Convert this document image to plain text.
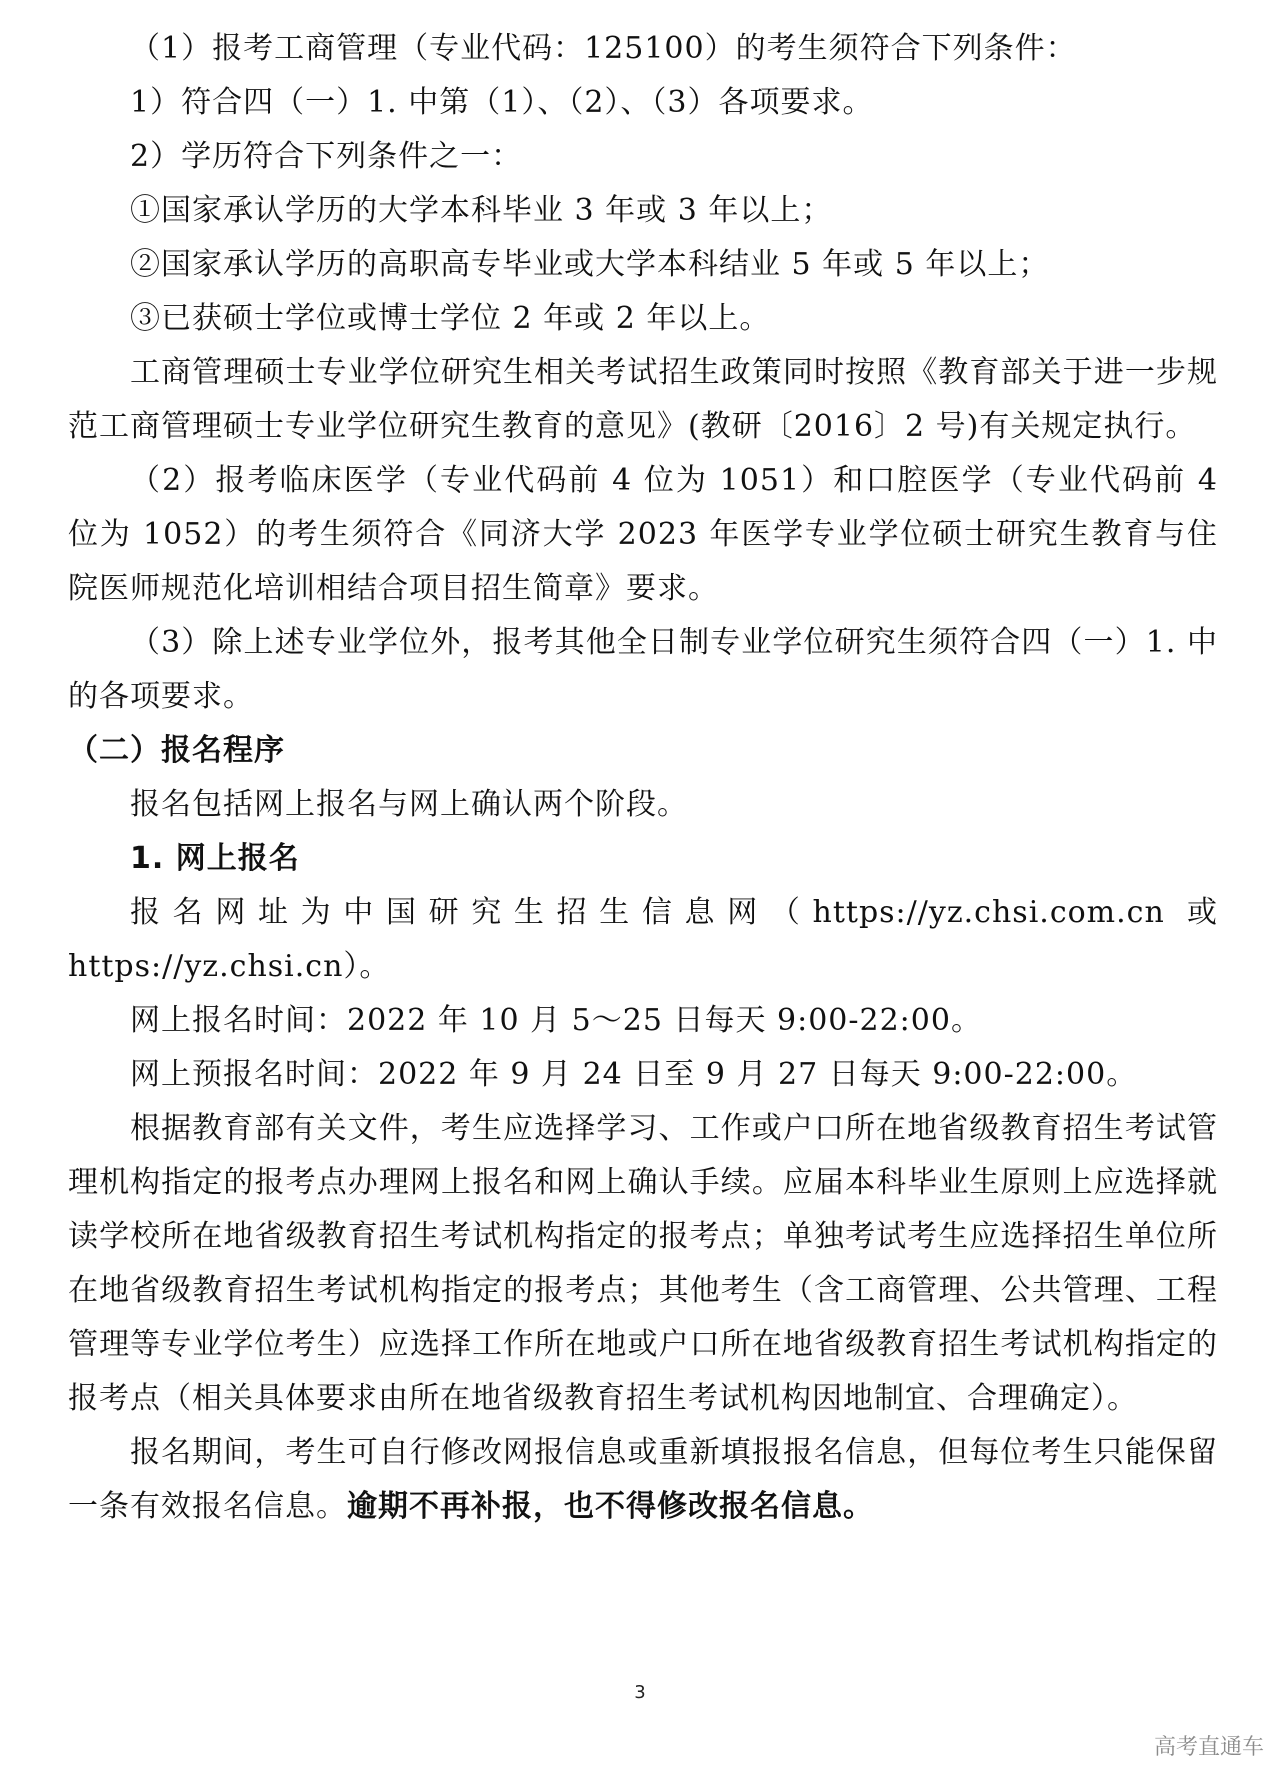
（1）报考工商管理（专业代码：125100）的考生须符合下列条件：

1）符合四（一）1. 中第（1）、（2）、（3）各项要求。

2）学历符合下列条件之一：

①国家承认学历的大学本科毕业 3 年或 3 年以上；

②国家承认学历的高职高专毕业或大学本科结业 5 年或 5 年以上；

③已获硕士学位或博士学位 2 年或 2 年以上。

工商管理硕士专业学位研究生相关考试招生政策同时按照《教育部关于进一步规范工商管理硕士专业学位研究生教育的意见》(教研〔2016〕2 号)有关规定执行。

（2）报考临床医学（专业代码前 4 位为 1051）和口腔医学（专业代码前 4 位为 1052）的考生须符合《同济大学 2023 年医学专业学位硕士研究生教育与住院医师规范化培训相结合项目招生简章》要求。

（3）除上述专业学位外，报考其他全日制专业学位研究生须符合四（一）1. 中的各项要求。

（二）报名程序

报名包括网上报名与网上确认两个阶段。

1. 网上报名

报名网址为中国研究生招生信息网（https://yz.chsi.com.cn 或

https://yz.chsi.cn）。

网上报名时间：2022 年 10 月 5～25 日每天 9:00-22:00。

网上预报名时间：2022 年 9 月 24 日至 9 月 27 日每天 9:00-22:00。

根据教育部有关文件，考生应选择学习、工作或户口所在地省级教育招生考试管理机构指定的报考点办理网上报名和网上确认手续。应届本科毕业生原则上应选择就读学校所在地省级教育招生考试机构指定的报考点；单独考试考生应选择招生单位所在地省级教育招生考试机构指定的报考点；其他考生（含工商管理、公共管理、工程管理等专业学位考生）应选择工作所在地或户口所在地省级教育招生考试机构指定的报考点（相关具体要求由所在地省级教育招生考试机构因地制宜、合理确定）。

报名期间，考生可自行修改网报信息或重新填报报名信息，但每位考生只能保留一条有效报名信息。逾期不再补报，也不得修改报名信息。

3
高考直通车
